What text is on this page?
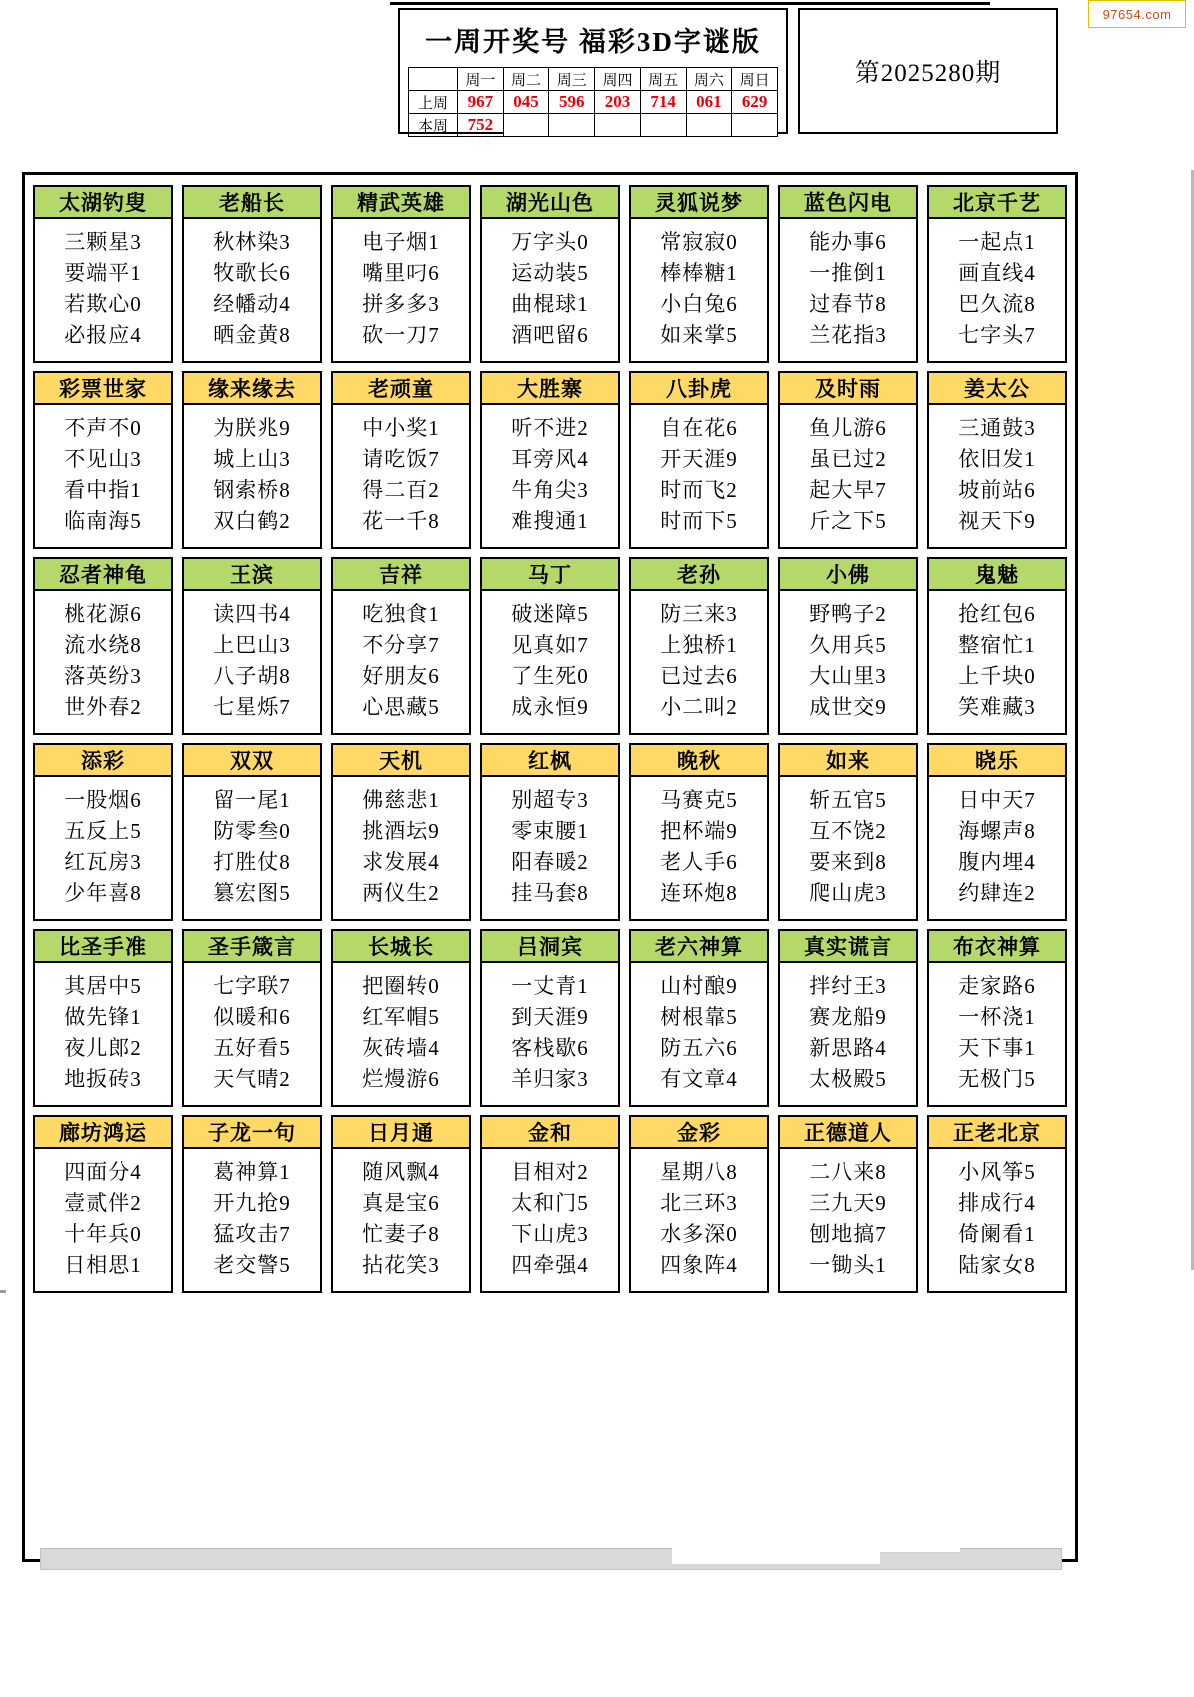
97654.com
一周开奖号 福彩3D字谜版
	周一	周二	周三	周四	周五	周六	周日
上周	967	045	596	203	714	061	629
本周	752						
第2025280期
太湖钓叟
三颗星3
要端平1
若欺心0
必报应4
老船长
秋林染3
牧歌长6
经幡动4
晒金黄8
精武英雄
电子烟1
嘴里叼6
拼多多3
砍一刀7
湖光山色
万字头0
运动装5
曲棍球1
酒吧留6
灵狐说梦
常寂寂0
棒棒糖1
小白兔6
如来掌5
蓝色闪电
能办事6
一推倒1
过春节8
兰花指3
北京千艺
一起点1
画直线4
巴久流8
七字头7
彩票世家
不声不0
不见山3
看中指1
临南海5
缘来缘去
为朕兆9
城上山3
钢索桥8
双白鹤2
老顽童
中小奖1
请吃饭7
得二百2
花一千8
大胜寨
听不进2
耳旁风4
牛角尖3
难搜通1
八卦虎
自在花6
开天涯9
时而飞2
时而下5
及时雨
鱼儿游6
虽已过2
起大早7
斤之下5
姜太公
三通鼓3
依旧发1
坡前站6
视天下9
忍者神龟
桃花源6
流水绕8
落英纷3
世外春2
王滨
读四书4
上巴山3
八子胡8
七星烁7
吉祥
吃独食1
不分享7
好朋友6
心思藏5
马丁
破迷障5
见真如7
了生死0
成永恒9
老孙
防三来3
上独桥1
已过去6
小二叫2
小佛
野鸭子2
久用兵5
大山里3
成世交9
鬼魅
抢红包6
整宿忙1
上千块0
笑难藏3
添彩
一股烟6
五反上5
红瓦房3
少年喜8
双双
留一尾1
防零叁0
打胜仗8
篡宏图5
天机
佛慈悲1
挑酒坛9
求发展4
两仪生2
红枫
别超专3
零束腰1
阳春暖2
挂马套8
晚秋
马赛克5
把杯端9
老人手6
连环炮8
如来
斩五官5
互不饶2
要来到8
爬山虎3
晓乐
日中天7
海螺声8
腹内埋4
约肆连2
比圣手准
其居中5
做先锋1
夜儿郎2
地扳砖3
圣手箴言
七字联7
似暖和6
五好看5
天气晴2
长城长
把圈转0
红军帽5
灰砖墙4
烂熳游6
吕洞宾
一丈青1
到天涯9
客栈歇6
羊归家3
老六神算
山村酿9
树根靠5
防五六6
有文章4
真实谎言
拌纣王3
赛龙船9
新思路4
太极殿5
布衣神算
走家路6
一杯浇1
天下事1
无极门5
廊坊鸿运
四面分4
壹贰伴2
十年兵0
日相思1
子龙一句
葛神算1
开九抢9
猛攻击7
老交警5
日月通
随风飘4
真是宝6
忙妻子8
拈花笑3
金和
目相对2
太和门5
下山虎3
四牵强4
金彩
星期八8
北三环3
水多深0
四象阵4
正德道人
二八来8
三九天9
刨地搞7
一锄头1
正老北京
小风筝5
排成行4
倚阑看1
陆家女8
